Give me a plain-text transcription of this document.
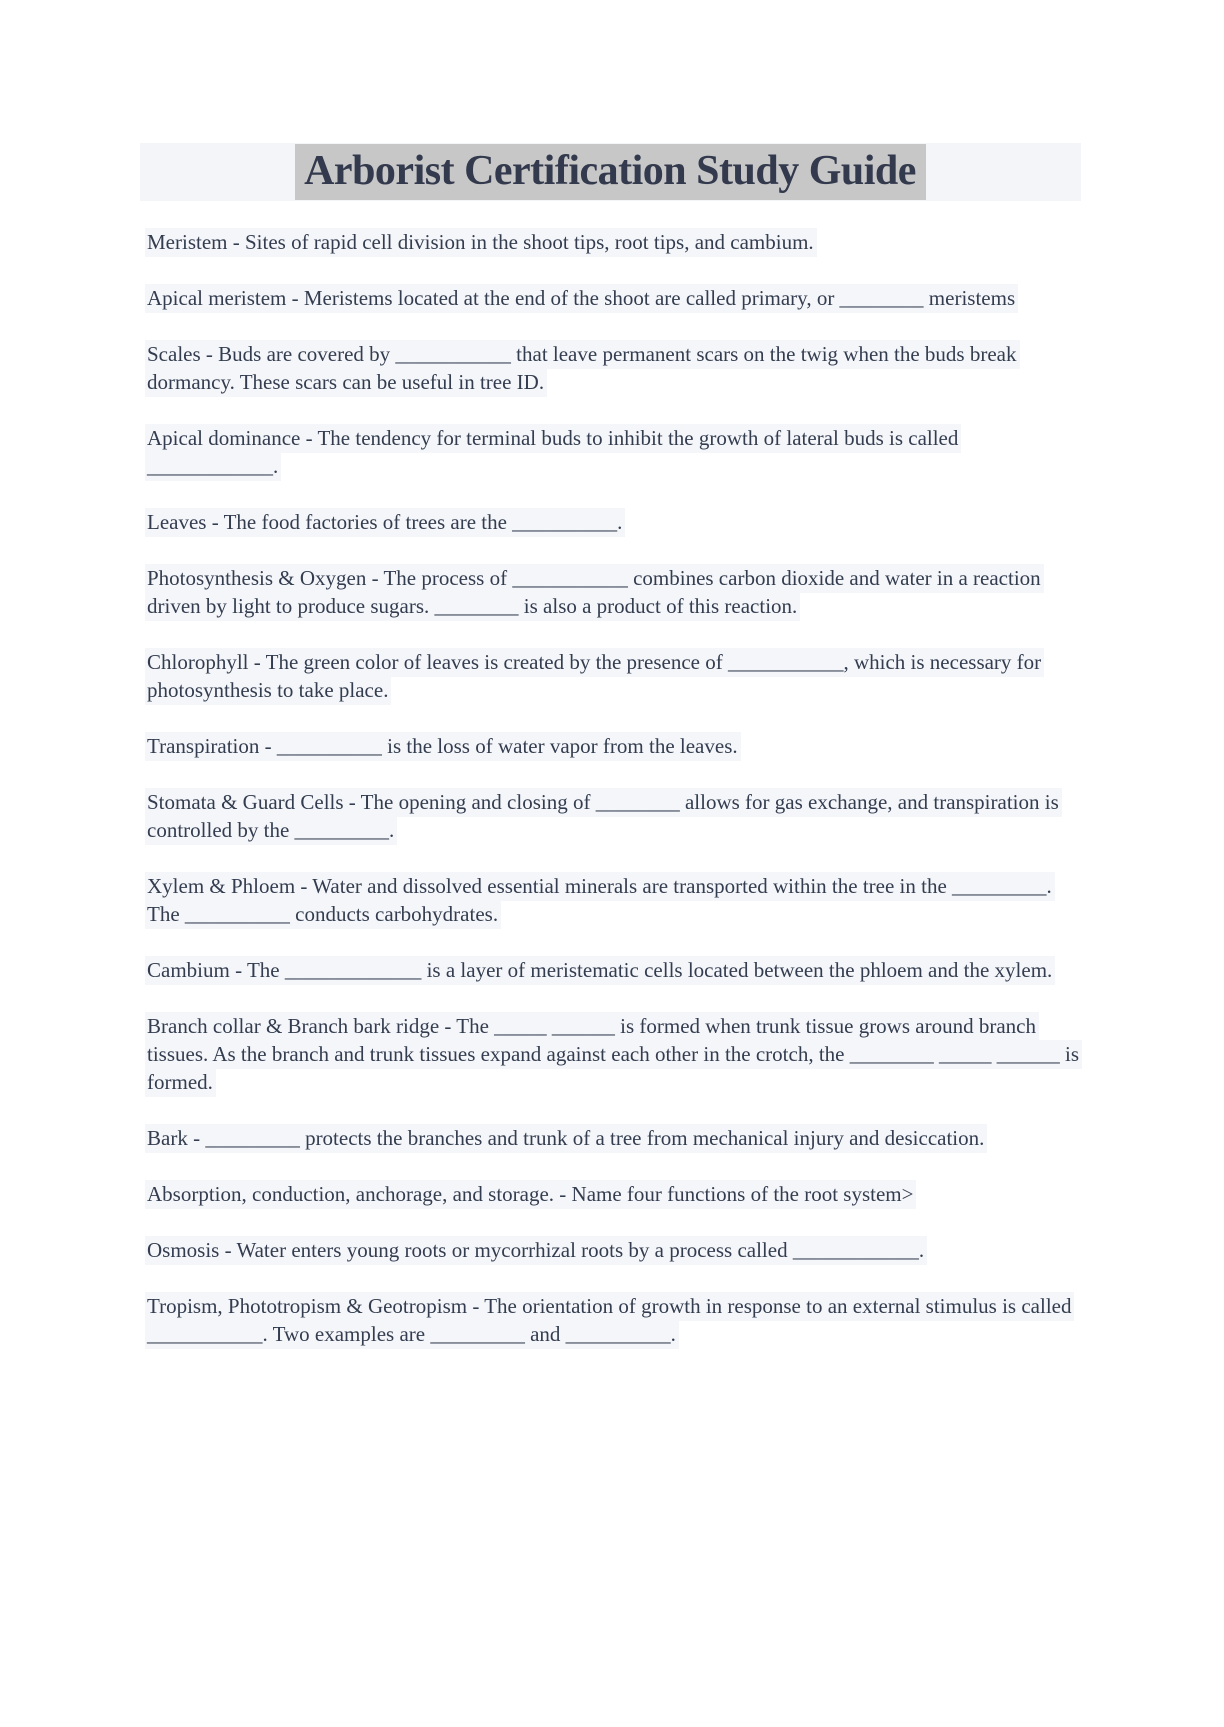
Arborist Certification Study Guide

Meristem - Sites of rapid cell division in the shoot tips, root tips, and cambium.

Apical meristem - Meristems located at the end of the shoot are called primary, or ________ meristems

Scales - Buds are covered by ___________ that leave permanent scars on the twig when the buds break dormancy. These scars can be useful in tree ID.

Apical dominance - The tendency for terminal buds to inhibit the growth of lateral buds is called ____________.

Leaves - The food factories of trees are the __________.

Photosynthesis & Oxygen - The process of ___________ combines carbon dioxide and water in a reaction driven by light to produce sugars. ________ is also a product of this reaction.

Chlorophyll - The green color of leaves is created by the presence of ___________, which is necessary for photosynthesis to take place.

Transpiration - __________ is the loss of water vapor from the leaves.

Stomata & Guard Cells - The opening and closing of ________ allows for gas exchange, and transpiration is controlled by the _________.

Xylem & Phloem - Water and dissolved essential minerals are transported within the tree in the _________. The __________ conducts carbohydrates.

Cambium - The _____________ is a layer of meristematic cells located between the phloem and the xylem.

Branch collar & Branch bark ridge - The _____ ______ is formed when trunk tissue grows around branch tissues. As the branch and trunk tissues expand against each other in the crotch, the ________ _____ ______ is formed.

Bark - _________ protects the branches and trunk of a tree from mechanical injury and desiccation.

Absorption, conduction, anchorage, and storage. - Name four functions of the root system>

Osmosis - Water enters young roots or mycorrhizal roots by a process called ____________.

Tropism, Phototropism & Geotropism - The orientation of growth in response to an external stimulus is called ___________. Two examples are _________ and __________.
